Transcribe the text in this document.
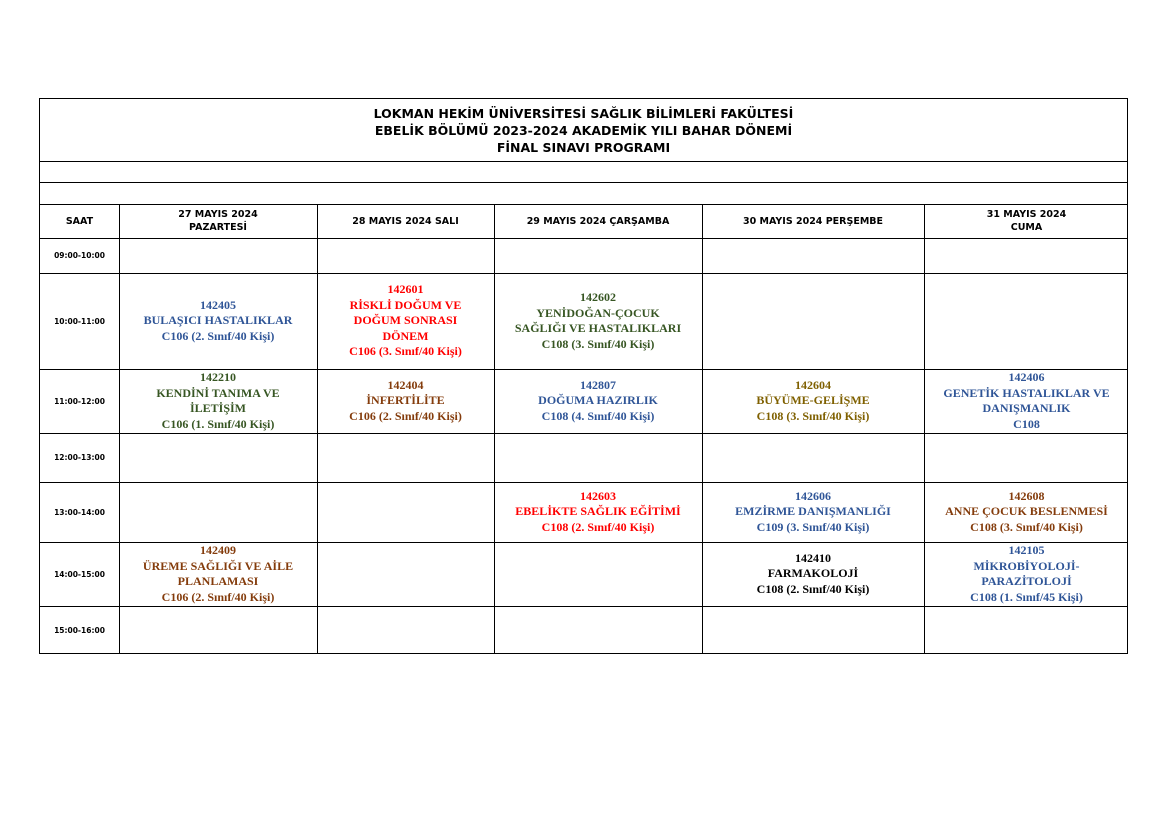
LOKMAN HEKİM ÜNİVERSİTESİ SAĞLIK BİLİMLERİ FAKÜLTESİ
EBELİK BÖLÜMÜ 2023-2024 AKADEMİK YILI BAHAR DÖNEMİ
FİNAL SINAVI PROGRAMI
SAAT
27 MAYIS 2024
PAZARTESİ
28 MAYIS 2024 SALI	29 MAYIS 2024 ÇARŞAMBA	30 MAYIS 2024 PERŞEMBE
31 MAYIS 2024
CUMA
09:00-10:00
10:00-11:00
11:00-12:00
12:00-13:00
13:00-14:00
14:00-15:00
15:00-16:00
142405
BULAŞICI HASTALIKLAR
C106 (2. Sınıf/40 Kişi)
142601
RİSKLİ DOĞUM VE
DOĞUM SONRASI
DÖNEM
C106 (3. Sınıf/40 Kişi)
142602
YENİDOĞAN-ÇOCUK
SAĞLIĞI VE HASTALIKLARI
C108 (3. Sınıf/40 Kişi)
142210
KENDİNİ TANIMA VE
İLETİŞİM
C106 (1. Sınıf/40 Kişi)
142404
İNFERTİLİTE
C106 (2. Sınıf/40 Kişi)
142807
DOĞUMA HAZIRLIK
C108 (4. Sınıf/40 Kişi)
142604
BÜYÜME-GELİŞME
C108 (3. Sınıf/40 Kişi)
142406
GENETİK HASTALIKLAR VE
DANIŞMANLIK
C108
142603
EBELİKTE SAĞLIK EĞİTİMİ
C108 (2. Sınıf/40 Kişi)
142606
EMZİRME DANIŞMANLIĞI
C109 (3. Sınıf/40 Kişi)
142608
ANNE ÇOCUK BESLENMESİ
C108 (3. Sınıf/40 Kişi)
142409
ÜREME SAĞLIĞI VE AİLE
PLANLAMASI
C106 (2. Sınıf/40 Kişi)
142410
FARMAKOLOJİ
C108 (2. Sınıf/40 Kişi)
142105
MİKROBİYOLOJİ-
PARAZİTOLOJİ
C108 (1. Sınıf/45 Kişi)
